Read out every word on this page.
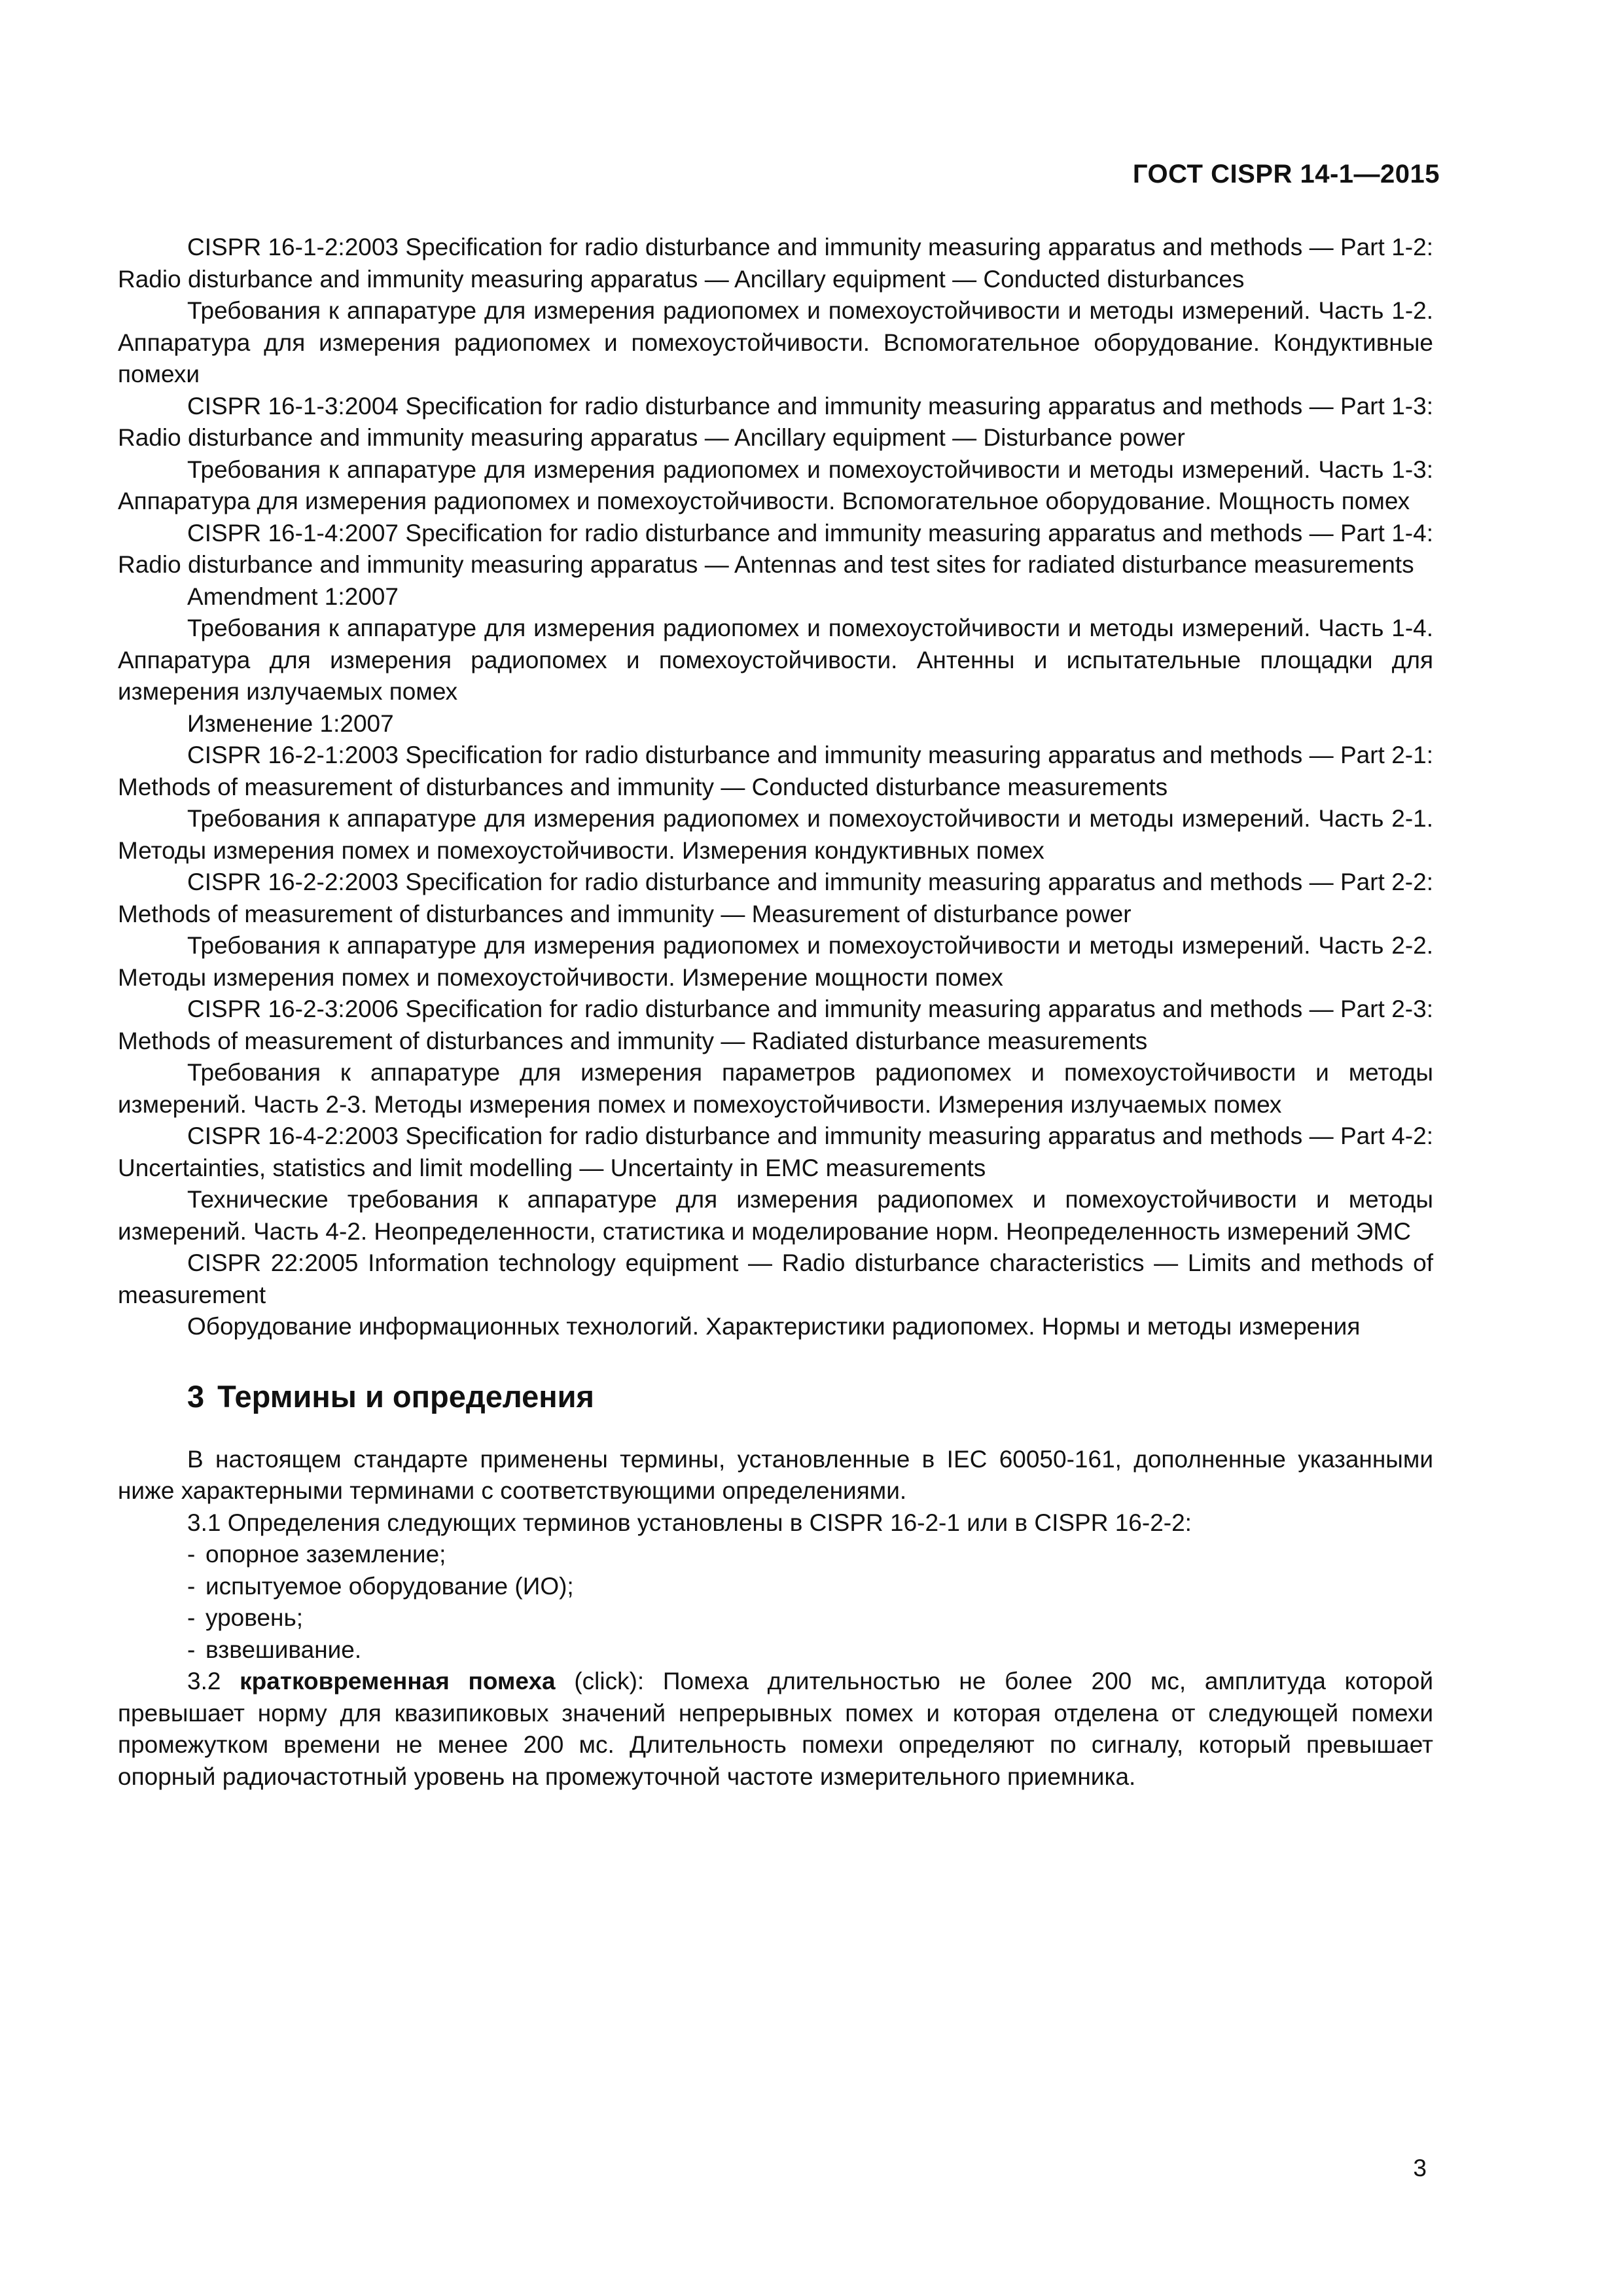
ГОСТ CISPR 14-1—2015

CISPR 16-1-2:2003 Specification for radio disturbance and immunity measuring apparatus and methods — Part 1-2: Radio disturbance and immunity measuring apparatus — Ancillary equipment — Conducted disturbances

Требования к аппаратуре для измерения радиопомех и помехоустойчивости и методы измерений. Часть 1-2. Аппаратура для измерения радиопомех и помехоустойчивости. Вспомогательное оборудование. Кондуктивные помехи

CISPR 16-1-3:2004 Specification for radio disturbance and immunity measuring apparatus and methods — Part 1-3: Radio disturbance and immunity measuring apparatus — Ancillary equipment — Disturbance power

Требования к аппаратуре для измерения радиопомех и помехоустойчивости и методы измерений. Часть 1-3: Аппаратура для измерения радиопомех и помехоустойчивости. Вспомогательное оборудование. Мощность помех

CISPR 16-1-4:2007 Specification for radio disturbance and immunity measuring apparatus and methods — Part 1-4: Radio disturbance and immunity measuring apparatus — Antennas and test sites for radiated disturbance measurements

Amendment 1:2007

Требования к аппаратуре для измерения радиопомех и помехоустойчивости и методы измерений. Часть 1-4. Аппаратура для измерения радиопомех и помехоустойчивости. Антенны и испытательные площадки для измерения излучаемых помех

Изменение 1:2007

CISPR 16-2-1:2003 Specification for radio disturbance and immunity measuring apparatus and methods — Part 2-1: Methods of measurement of disturbances and immunity — Conducted disturbance measurements

Требования к аппаратуре для измерения радиопомех и помехоустойчивости и методы измерений. Часть 2-1. Методы измерения помех и помехоустойчивости. Измерения кондуктивных помех

CISPR 16-2-2:2003 Specification for radio disturbance and immunity measuring apparatus and methods — Part 2-2: Methods of measurement of disturbances and immunity — Measurement of disturbance power

Требования к аппаратуре для измерения радиопомех и помехоустойчивости и методы измерений. Часть 2-2. Методы измерения помех и помехоустойчивости. Измерение мощности помех

CISPR 16-2-3:2006 Specification for radio disturbance and immunity measuring apparatus and methods — Part 2-3: Methods of measurement of disturbances and immunity — Radiated disturbance measurements

Требования к аппаратуре для измерения параметров радиопомех и помехоустойчивости и методы измерений. Часть 2-3. Методы измерения помех и помехоустойчивости. Измерения излучаемых помех

CISPR 16-4-2:2003 Specification for radio disturbance and immunity measuring apparatus and methods — Part 4-2: Uncertainties, statistics and limit modelling — Uncertainty in EMC measurements

Технические требования к аппаратуре для измерения радиопомех и помехоустойчивости и методы измерений. Часть 4-2. Неопределенности, статистика и моделирование норм. Неопределенность измерений ЭМС

CISPR 22:2005 Information technology equipment — Radio disturbance characteristics — Limits and methods of measurement

Оборудование информационных технологий. Характеристики радиопомех. Нормы и методы измерения

3 Термины и определения

В настоящем стандарте применены термины, установленные в IEC 60050-161, дополненные указанными ниже характерными терминами с соответствующими определениями.

3.1 Определения следующих терминов установлены в CISPR 16-2-1 или в CISPR 16-2-2:

- опорное заземление;
- испытуемое оборудование (ИО);
- уровень;
- взвешивание.

3.2 кратковременная помеха (click): Помеха длительностью не более 200 мс, амплитуда которой превышает норму для квазипиковых значений непрерывных помех и которая отделена от следующей помехи промежутком времени не менее 200 мс. Длительность помехи определяют по сигналу, который превышает опорный радиочастотный уровень на промежуточной частоте измерительного приемника.

3
